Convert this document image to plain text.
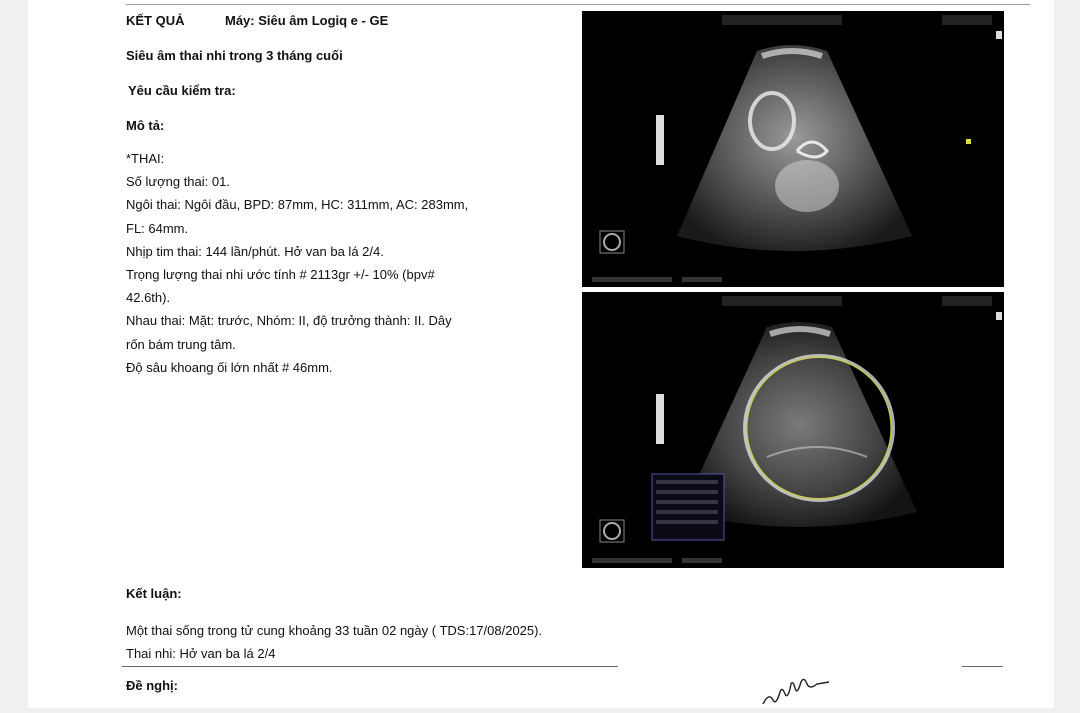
KẾT QUẢ	Máy: Siêu âm Logiq e - GE
Siêu âm thai nhi trong 3 tháng cuối
Yêu cầu kiểm tra:
Mô tả:
*THAI:
Số lượng thai: 01.
Ngôi thai: Ngôi đầu, BPD: 87mm, HC: 311mm, AC: 283mm,
FL: 64mm.
Nhịp tim thai: 144 lần/phút. Hở van ba lá 2/4.
Trọng lượng thai nhi ước tính # 2113gr +/- 10% (bpv#
42.6th).
Nhau thai: Mặt: trước, Nhóm: II, độ trưởng thành: II. Dây
rốn bám trung tâm.
Độ sâu khoang ối lớn nhất # 46mm.
Kết luận:
Một thai sống trong tử cung khoảng 33 tuần 02 ngày ( TDS:17/08/2025).
Thai nhi: Hở van ba lá 2/4
Đề nghị:
